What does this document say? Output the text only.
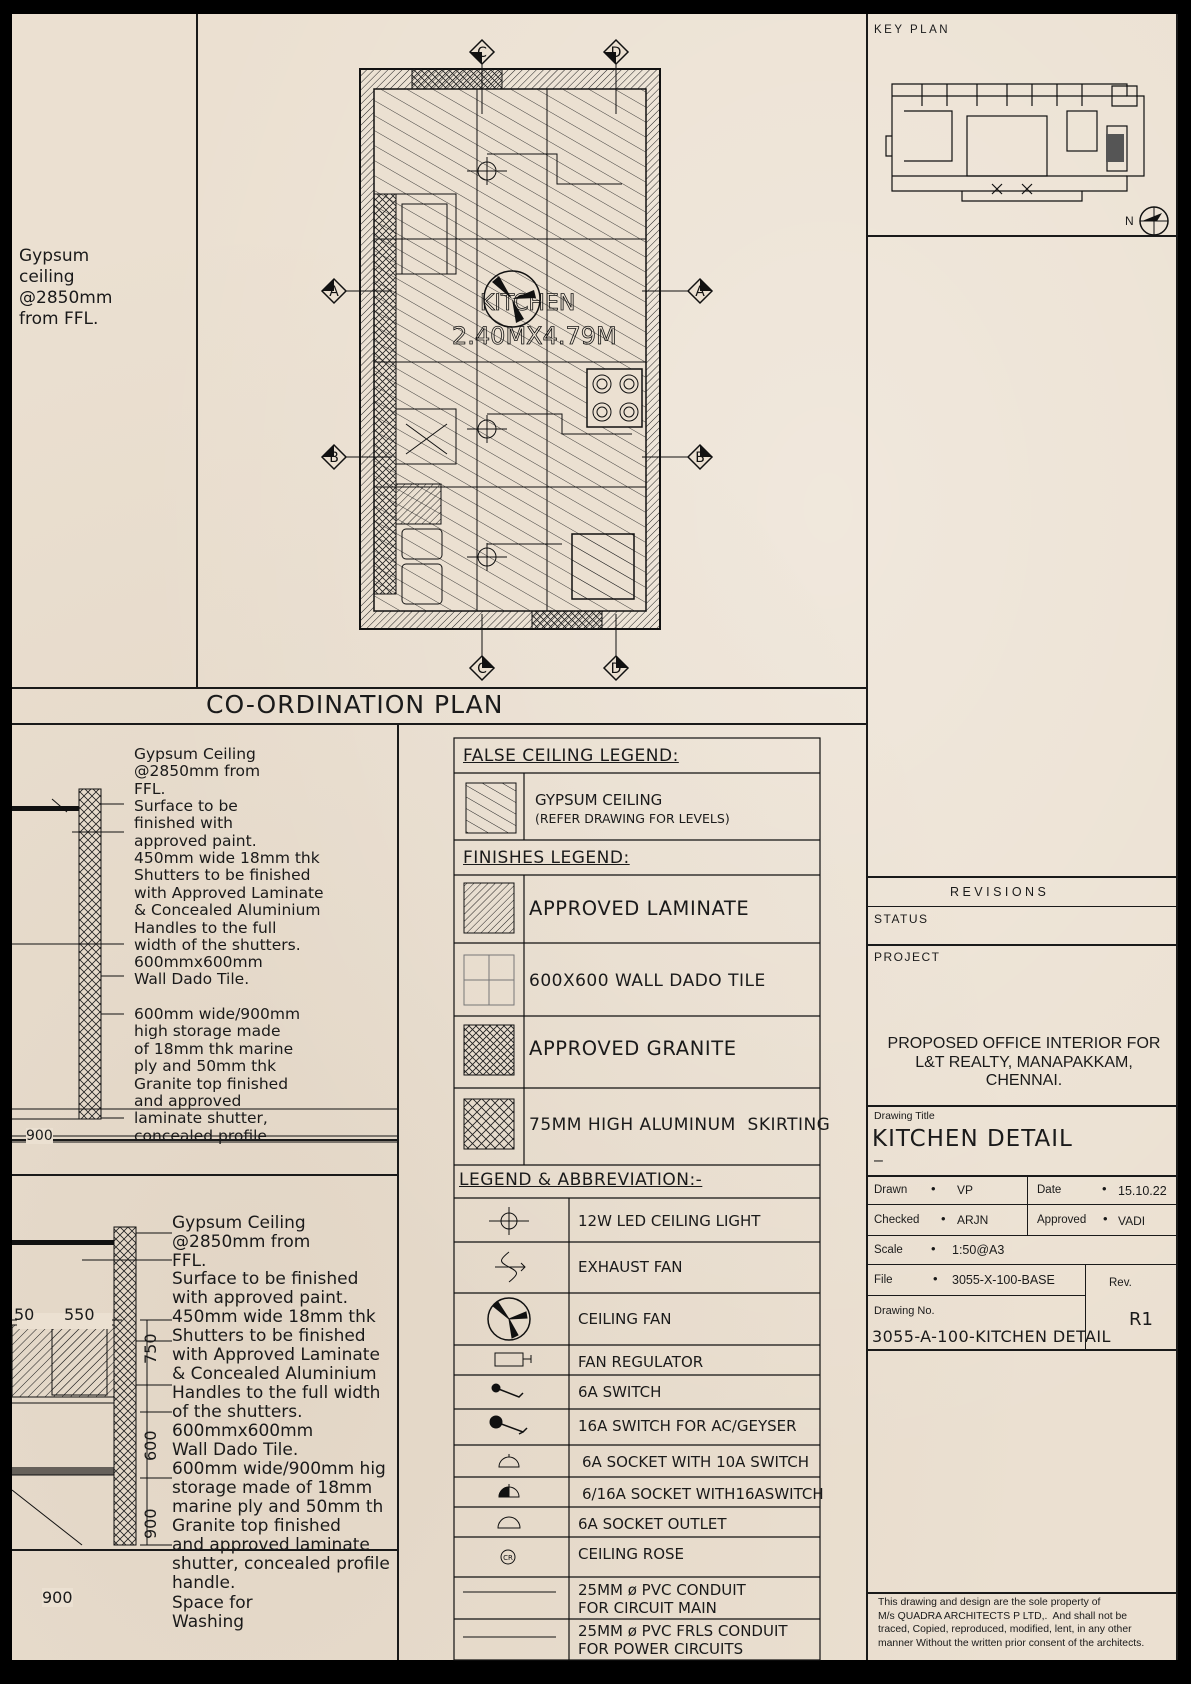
Gypsum
ceiling
@2850mm
from FFL.
CO-ORDINATION PLAN
KITCHEN
2.40MX4.79M
A	A
B	B
C
C
D
D
Gypsum Ceiling
@2850mm from
FFL.
Surface to be
finished with
approved paint.
450mm wide 18mm thk
Shutters to be finished
with Approved Laminate
& Concealed Aluminium
Handles to the full
width of the shutters.
600mmx600mm
Wall Dado Tile.
600mm wide/900mm
high storage made
of 18mm thk marine
ply and 50mm thk
Granite top finished
and approved
laminate shutter,
concealed profile
900
50 550
750
600
900
900
Gypsum Ceiling
@2850mm from
FFL.
Surface to be finished
with approved paint.
450mm wide 18mm thk
Shutters to be finished
with Approved Laminate
& Concealed Aluminium
Handles to the full width
of the shutters.
600mmx600mm
Wall Dado Tile.
600mm wide/900mm hig
storage made of 18mm
marine ply and 50mm th
Granite top finished
and approved laminate
shutter, concealed profile
handle.
Space for
Washing
CR
FALSE CEILING LEGEND:
GYPSUM CEILING
(REFER DRAWING FOR LEVELS)
FINISHES LEGEND:
APPROVED LAMINATE
600X600 WALL DADO TILE
APPROVED GRANITE
75MM HIGH ALUMINUM  SKIRTING
LEGEND & ABBREVIATION:-
12W LED CEILING LIGHT
EXHAUST FAN
CEILING FAN
FAN REGULATOR
6A SWITCH
16A SWITCH FOR AC/GEYSER
6A SOCKET WITH 10A SWITCH
6/16A SOCKET WITH16ASWITCH
6A SOCKET OUTLET
CEILING ROSE
25MM ø PVC CONDUIT
FOR CIRCUIT MAIN
25MM ø PVC FRLS CONDUIT
FOR POWER CIRCUITS
KEY PLAN
N
R E V I S I O N S
STATUS
PROJECT
PROPOSED OFFICE INTERIOR FOR
L&T REALTY, MANAPAKKAM,
CHENNAI.
Drawing Title
KITCHEN DETAIL
–
Drawn • VP	Date	• 15.10.22
Checked • ARJN	Approved • VADI
Scale • 1:50@A3
File	• 3055-X-100-BASE	Rev.
R1
Drawing No.
3055-A-100-KITCHEN DETAIL
This drawing and design are the sole property of
M/s QUADRA ARCHITECTS P LTD,.  And shall not be
traced, Copied, reproduced, modified, lent, in any other
manner Without the written prior consent of the architects.
